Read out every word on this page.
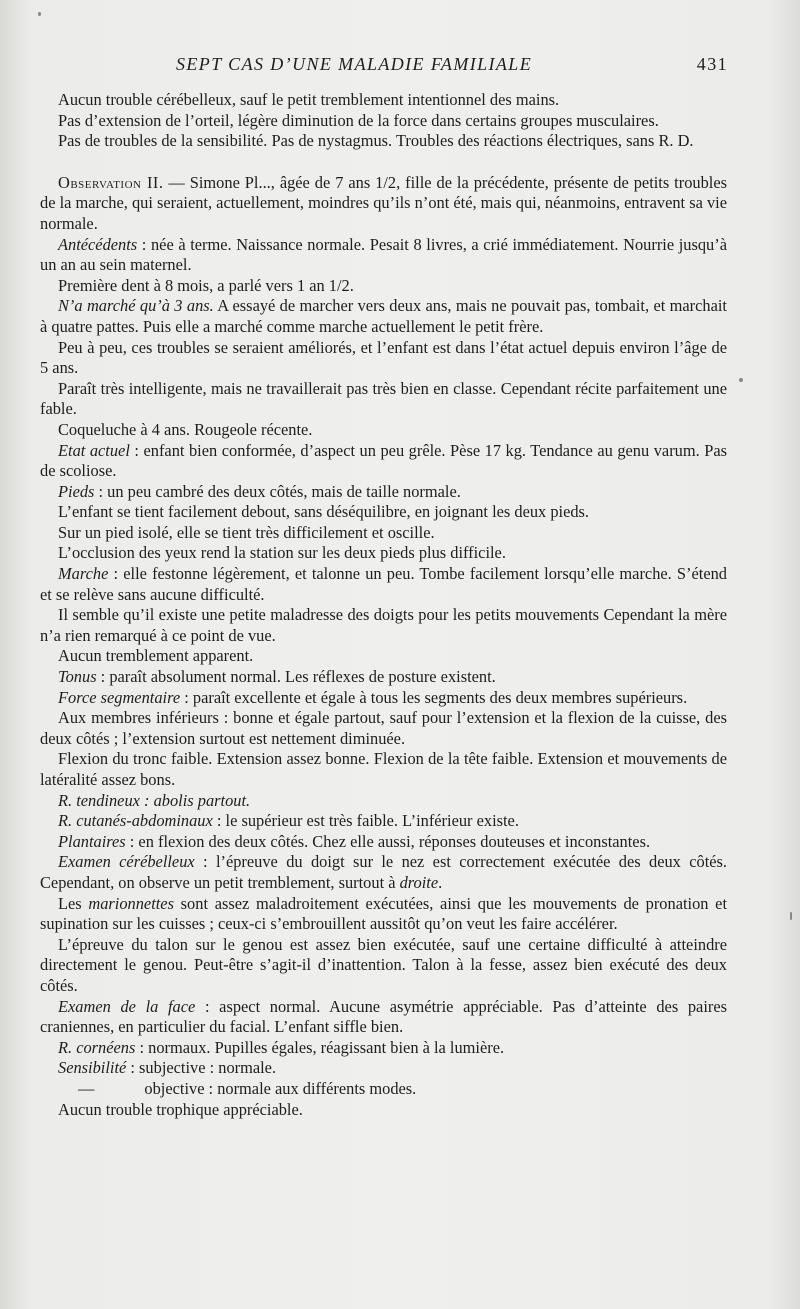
SEPT CAS D’UNE MALADIE FAMILIALE	431

Aucun trouble cérébelleux, sauf le petit tremblement intentionnel des mains.

Pas d’extension de l’orteil, légère diminution de la force dans certains groupes musculaires.

Pas de troubles de la sensibilité. Pas de nystagmus. Troubles des réactions électriques, sans R. D.

Observation II. — Simone Pl..., âgée de 7 ans 1/2, fille de la précédente, présente de petits troubles de la marche, qui seraient, actuellement, moindres qu’ils n’ont été, mais qui, néanmoins, entravent sa vie normale.

Antécédents : née à terme. Naissance normale. Pesait 8 livres, a crié immédiatement. Nourrie jusqu’à un an au sein maternel.

Première dent à 8 mois, a parlé vers 1 an 1/2.

N’a marché qu’à 3 ans. A essayé de marcher vers deux ans, mais ne pouvait pas, tombait, et marchait à quatre pattes. Puis elle a marché comme marche actuellement le petit frère.

Peu à peu, ces troubles se seraient améliorés, et l’enfant est dans l’état actuel depuis environ l’âge de 5 ans.

Paraît très intelligente, mais ne travaillerait pas très bien en classe. Cependant récite parfaitement une fable.

Coqueluche à 4 ans. Rougeole récente.

Etat actuel : enfant bien conformée, d’aspect un peu grêle. Pèse 17 kg. Tendance au genu varum. Pas de scoliose.

Pieds : un peu cambré des deux côtés, mais de taille normale.

L’enfant se tient facilement debout, sans déséquilibre, en joignant les deux pieds.

Sur un pied isolé, elle se tient très difficilement et oscille.

L’occlusion des yeux rend la station sur les deux pieds plus difficile.

Marche : elle festonne légèrement, et talonne un peu. Tombe facilement lorsqu’elle marche. S’étend et se relève sans aucune difficulté.

Il semble qu’il existe une petite maladresse des doigts pour les petits mouvements Cependant la mère n’a rien remarqué à ce point de vue.

Aucun tremblement apparent.

Tonus : paraît absolument normal. Les réflexes de posture existent.

Force segmentaire : paraît excellente et égale à tous les segments des deux membres supérieurs.

Aux membres inférieurs : bonne et égale partout, sauf pour l’extension et la flexion de la cuisse, des deux côtés ; l’extension surtout est nettement diminuée.

Flexion du tronc faible. Extension assez bonne. Flexion de la tête faible. Extension et mouvements de latéralité assez bons.

R. tendineux : abolis partout.

R. cutanés-abdominaux : le supérieur est très faible. L’inférieur existe.

Plantaires : en flexion des deux côtés. Chez elle aussi, réponses douteuses et inconstantes.

Examen cérébelleux : l’épreuve du doigt sur le nez est correctement exécutée des deux côtés. Cependant, on observe un petit tremblement, surtout à droite.

Les marionnettes sont assez maladroitement exécutées, ainsi que les mouvements de pronation et supination sur les cuisses ; ceux-ci s’embrouillent aussitôt qu’on veut les faire accélérer.

L’épreuve du talon sur le genou est assez bien exécutée, sauf une certaine difficulté à atteindre directement le genou. Peut-être s’agit-il d’inattention. Talon à la fesse, assez bien exécuté des deux côtés.

Examen de la face : aspect normal. Aucune asymétrie appréciable. Pas d’atteinte des paires craniennes, en particulier du facial. L’enfant siffle bien.

R. cornéens : normaux. Pupilles égales, réagissant bien à la lumière.

Sensibilité : subjective : normale.

—	objective : normale aux différents modes.

Aucun trouble trophique appréciable.
